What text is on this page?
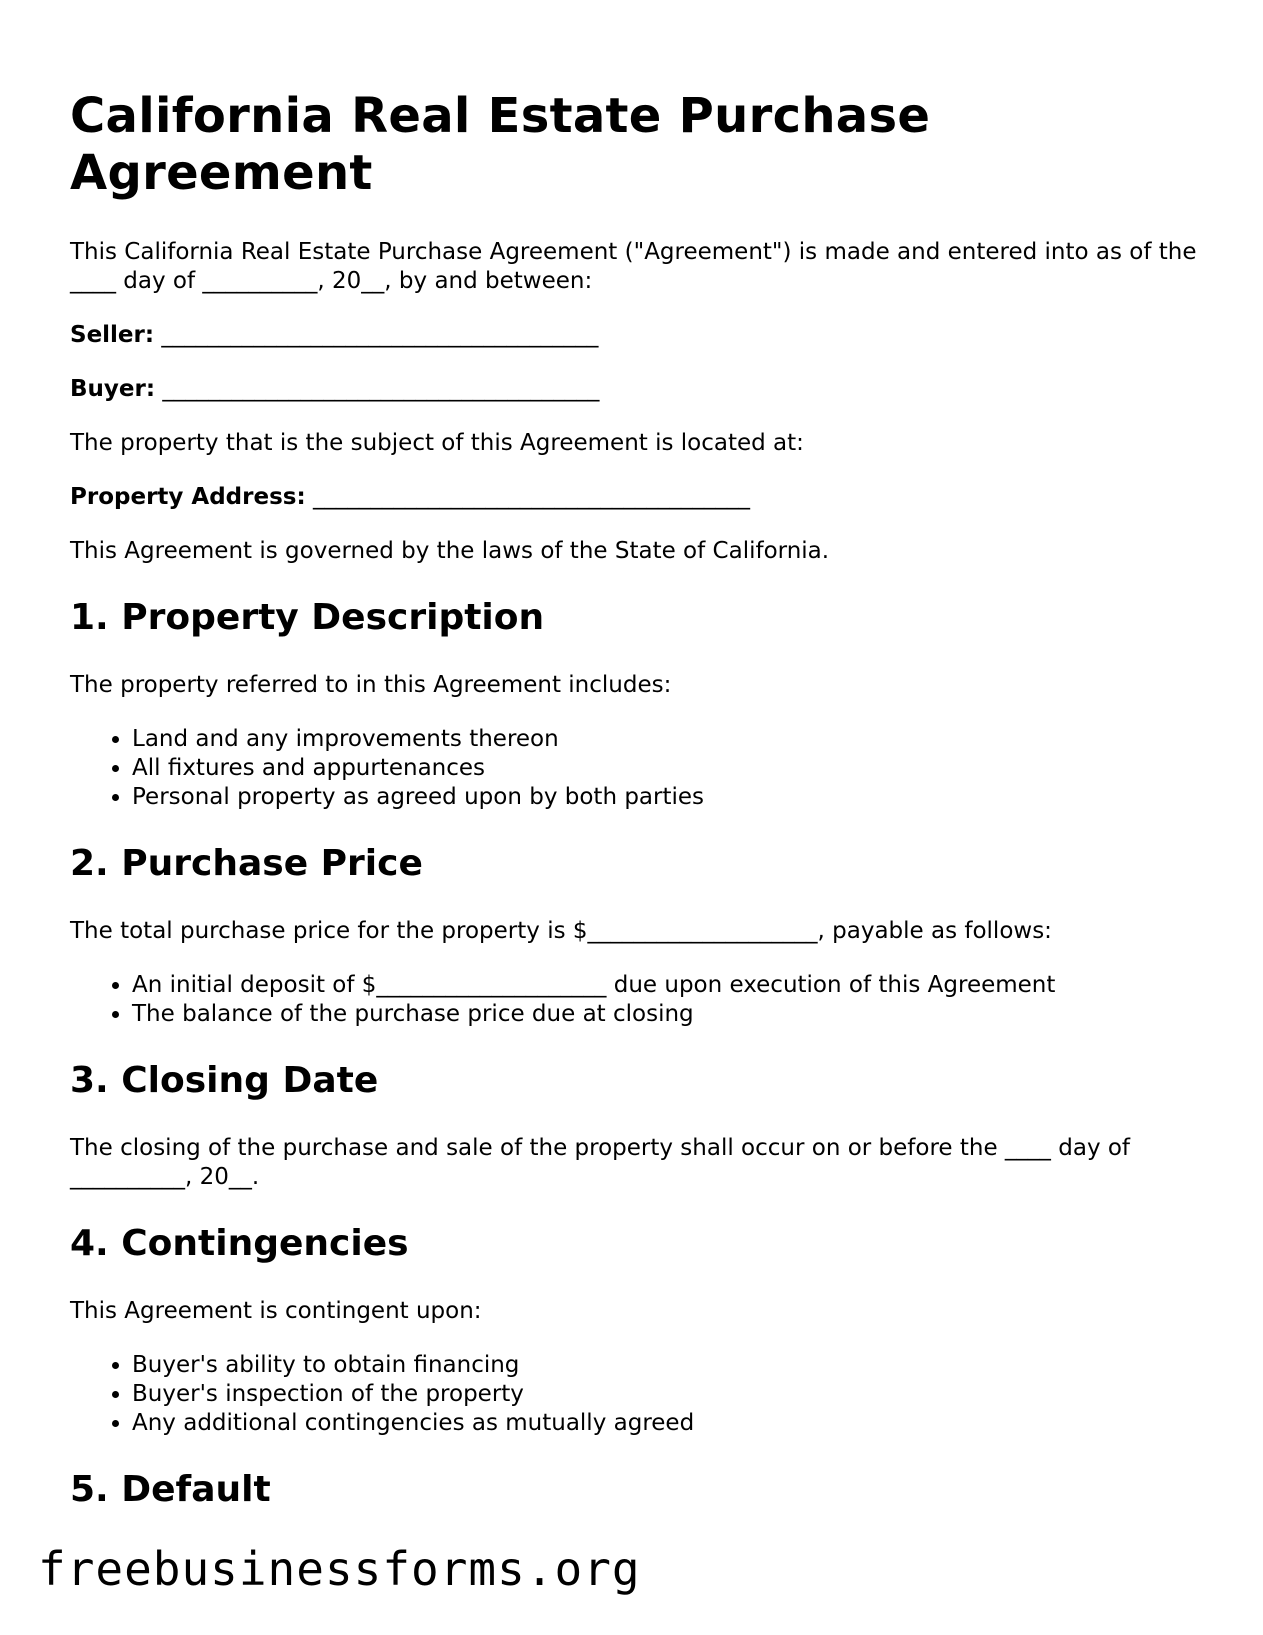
California Real Estate Purchase Agreement

This California Real Estate Purchase Agreement ("Agreement") is made and entered into as of the ____ day of __________, 20__, by and between:

Seller: ______________________________________
Buyer: ______________________________________

The property that is the subject of this Agreement is located at:

Property Address: ______________________________________

This Agreement is governed by the laws of the State of California.

1. Property Description

The property referred to in this Agreement includes:

• Land and any improvements thereon
• All fixtures and appurtenances
• Personal property as agreed upon by both parties
2. Purchase Price

The total purchase price for the property is $____________________, payable as follows:

• An initial deposit of $____________________ due upon execution of this Agreement
• The balance of the purchase price due at closing
3. Closing Date

The closing of the purchase and sale of the property shall occur on or before the ____ day of __________, 20__.

4. Contingencies

This Agreement is contingent upon:

• Buyer's ability to obtain financing
• Buyer's inspection of the property
• Any additional contingencies as mutually agreed
5. Default
freebusinessforms.org
